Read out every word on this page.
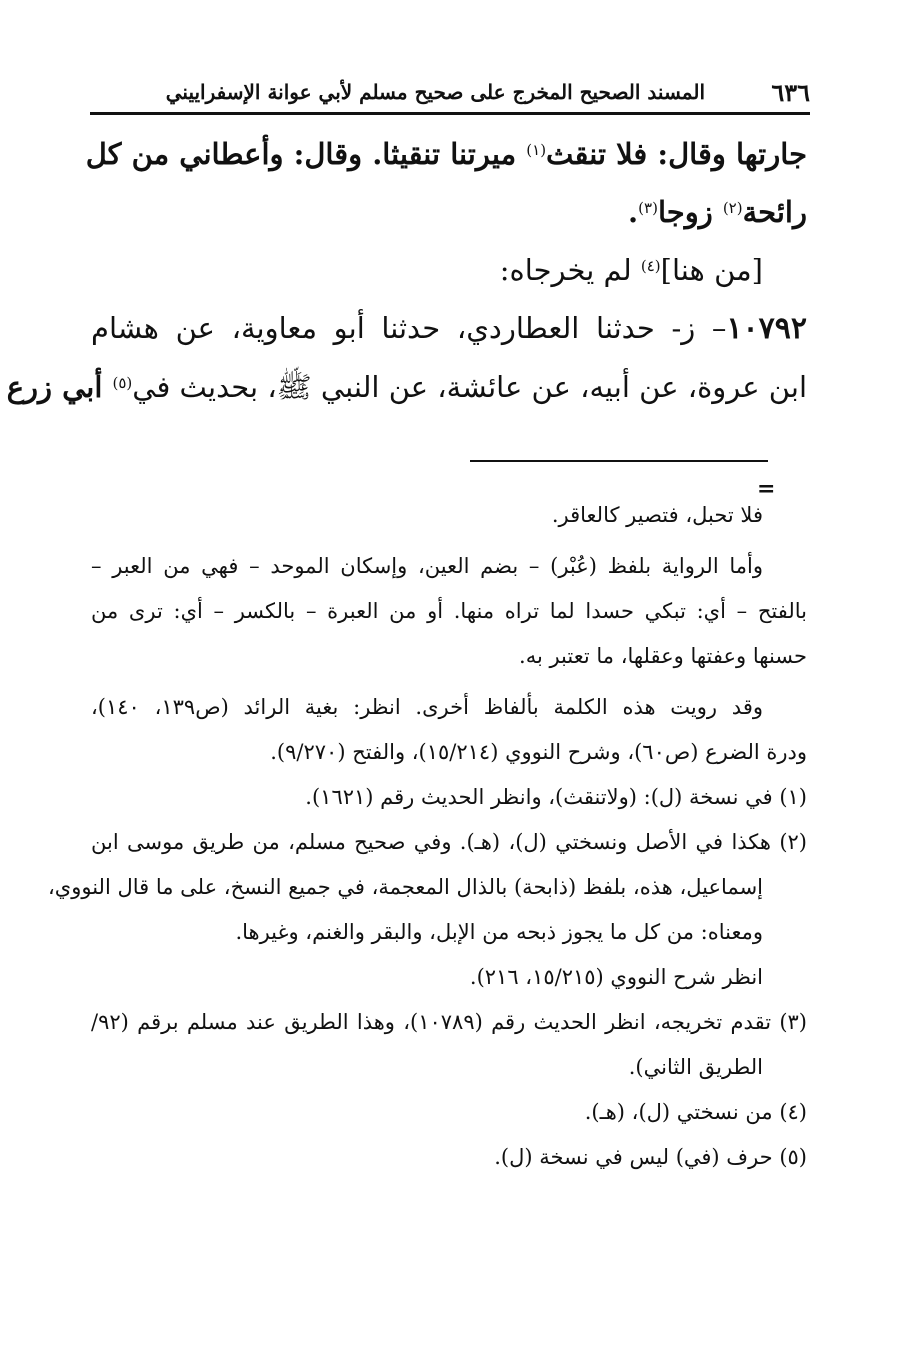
٦٣٦
المسند الصحيح المخرج على صحيح مسلم لأبي عوانة الإسفراييني
جارتها وقال: فلا تنقث$^{(١)}$ ميرتنا تنقيثا. وقال: وأعطاني من كل
رائحة$^{(٢)}$ زوجا$^{(٣)}$.
[من هنا]$^{(٤)}$ لم يخرجاه:
١٠٧٩٢– ز- حدثنا العطاردي، حدثنا أبو معاوية، عن هشام
ابن عروة، عن أبيه، عن عائشة، عن النبي ﷺ، بحديث في$^{(٥)}$ أبي زرع
=
فلا تحبل، فتصير كالعاقر.
وأما الرواية بلفظ (عُبْر) – بضم العين، وإسكان الموحد – فهي من العبر –
بالفتح – أي: تبكي حسدا لما تراه منها. أو من العبرة – بالكسر – أي: ترى من
حسنها وعفتها وعقلها، ما تعتبر به.
وقد رويت هذه الكلمة بألفاظ أخرى. انظر: بغية الرائد (ص١٣٩، ١٤٠)،
ودرة الضرع (ص٦٠)، وشرح النووي (١٥/٢١٤)، والفتح (٩/٢٧٠).
(١) في نسخة (ل): (ولاتنقث)، وانظر الحديث رقم (١٦٢١).
(٢) هكذا في الأصل ونسختي (ل)، (هـ). وفي صحيح مسلم، من طريق موسى ابن
إسماعيل، هذه، بلفظ (ذابحة) بالذال المعجمة، في جميع النسخ، على ما قال النووي،
ومعناه: من كل ما يجوز ذبحه من الإبل، والبقر والغنم، وغيرها.
انظر شرح النووي (١٥/٢١٥، ٢١٦).
(٣) تقدم تخريجه، انظر الحديث رقم (١٠٧٨٩)، وهذا الطريق عند مسلم برقم (٩٢/
الطريق الثاني).
(٤) من نسختي (ل)، (هـ).
(٥) حرف (في) ليس في نسخة (ل).
